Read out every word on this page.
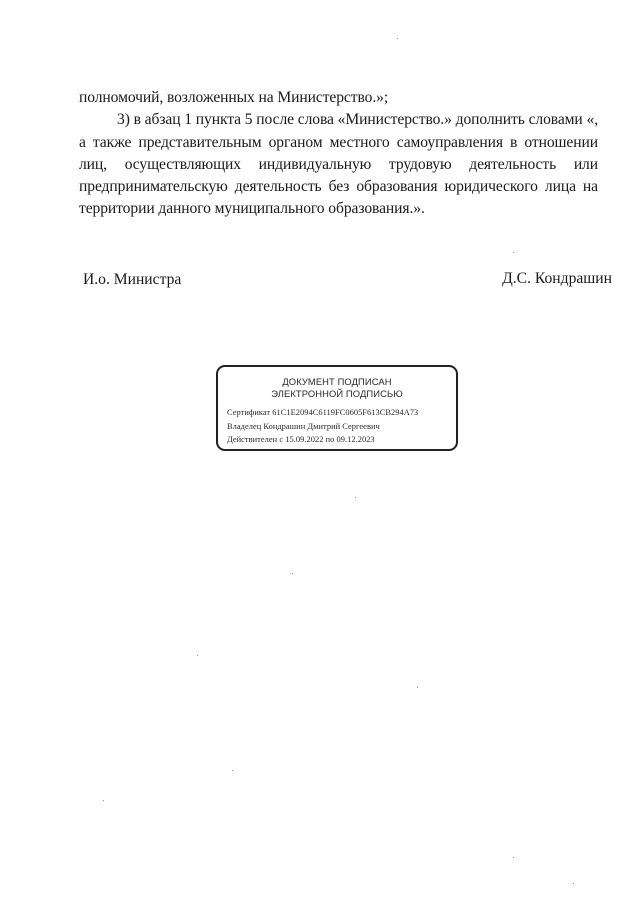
полномочий, возложенных на Министерство.»;

3) в абзац 1 пункта 5 после слова «Министерство.» дополнить словами «, а также представительным органом местного самоуправления в отношении лиц, осуществляющих индивидуальную трудовую деятельность или предпринимательскую деятельность без образования юридического лица на территории данного муниципального образования.».

И.о. Министра	Д.С. Кондрашин
ДОКУМЕНТ ПОДПИСАН
ЭЛЕКТРОННОЙ ПОДПИСЬЮ
Сертификат 61C1E2094C6119FC0605F613CB294A73
Владелец Кондрашин Дмитрий Сергеевич
Действителен с 15.09.2022 по 09.12.2023
